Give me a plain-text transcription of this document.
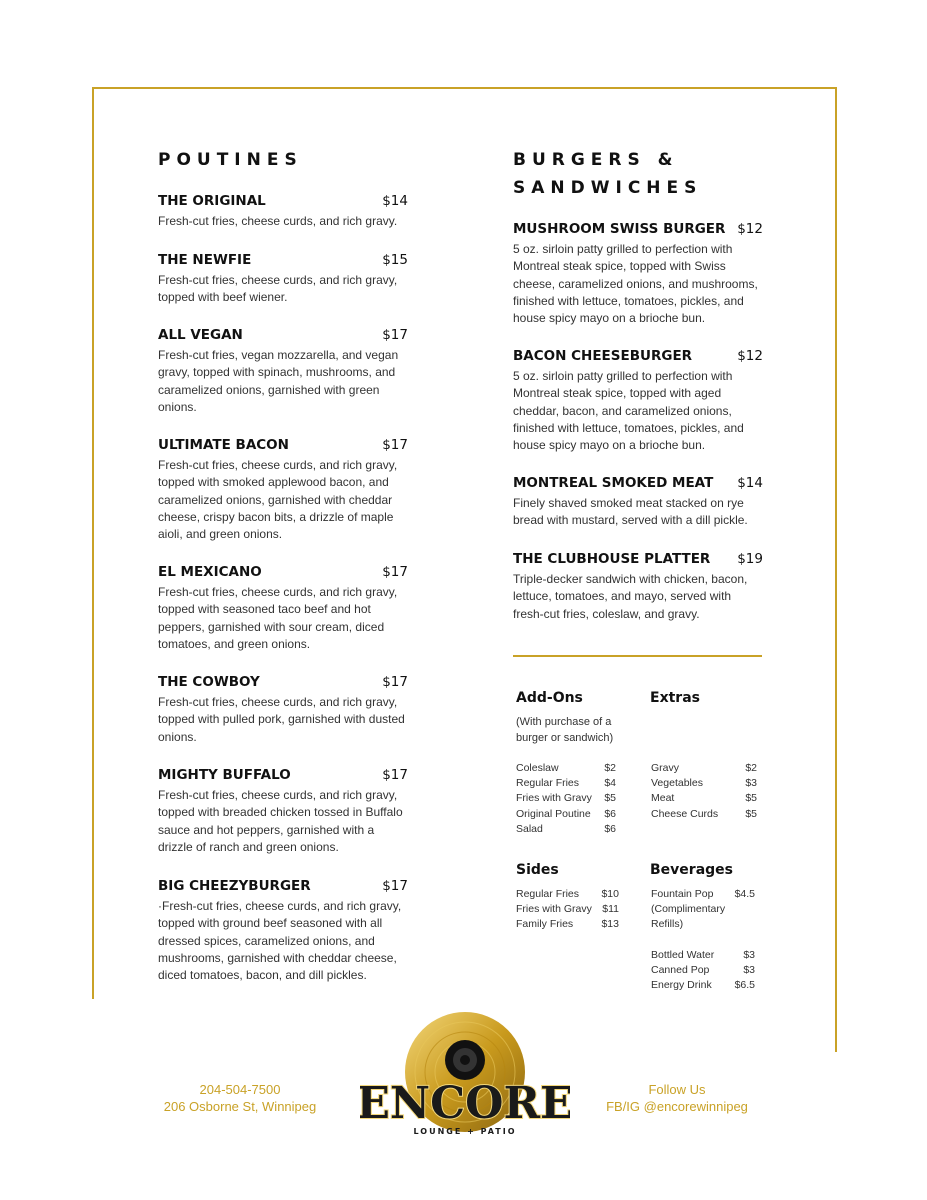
POUTINES
THE ORIGINAL	$14
Fresh-cut fries, cheese curds, and rich gravy.
THE NEWFIE	$15
Fresh-cut fries, cheese curds, and rich gravy, topped with beef wiener.
ALL VEGAN	$17
Fresh-cut fries, vegan mozzarella, and vegan gravy, topped with spinach, mushrooms, and caramelized onions, garnished with green onions.
ULTIMATE BACON	$17
Fresh-cut fries, cheese curds, and rich gravy, topped with smoked applewood bacon, and caramelized onions, garnished with cheddar cheese, crispy bacon bits, a drizzle of maple aioli, and green onions.
EL MEXICANO	$17
Fresh-cut fries, cheese curds, and rich gravy, topped with seasoned taco beef and hot peppers, garnished with sour cream, diced tomatoes, and green onions.
THE COWBOY	$17
Fresh-cut fries, cheese curds, and rich gravy, topped with pulled pork, garnished with dusted onions.
MIGHTY BUFFALO	$17
Fresh-cut fries, cheese curds, and rich gravy, topped with breaded chicken tossed in Buffalo sauce and hot peppers, garnished with a drizzle of ranch and green onions.
BIG CHEEZYBURGER	$17
·Fresh-cut fries, cheese curds, and rich gravy, topped with ground beef seasoned with all dressed spices, caramelized onions, and mushrooms, garnished with cheddar cheese, diced tomatoes, bacon, and dill pickles.
BURGERS &
SANDWICHES
MUSHROOM SWISS BURGER $12
5 oz. sirloin patty grilled to perfection with Montreal steak spice, topped with Swiss cheese, caramelized onions, and mushrooms, finished with lettuce, tomatoes, pickles, and house spicy mayo on a brioche bun.
BACON CHEESEBURGER	$12
5 oz. sirloin patty grilled to perfection with Montreal steak spice, topped with aged cheddar, bacon, and caramelized onions, finished with lettuce, tomatoes, pickles, and house spicy mayo on a brioche bun.
MONTREAL SMOKED MEAT $14
Finely shaved smoked meat stacked on rye bread with mustard, served with a dill pickle.
THE CLUBHOUSE PLATTER $19
Triple-decker sandwich with chicken, bacon, lettuce, tomatoes, and mayo, served with fresh-cut fries, coleslaw, and gravy.
Add-Ons
(With purchase of a burger or sandwich)
Coleslaw	$2
Regular Fries $4
Fries with Gravy $5
Original Poutine $6
Salad	$6
Extras
Gravy	$2
Vegetables	$3
Meat	$5
Cheese Curds	$5
Sides
Regular Fries $10
Fries with Gravy $11
Family Fries	$13
Beverages
Fountain Pop $4.5
(Complimentary Refills)
Bottled Water	$3
Canned Pop	$3
Energy Drink $6.5
204-504-7500
206 Osborne St, Winnipeg
Follow Us
FB/IG @encorewinnipeg
ENCORE
LOUNGE + PATIO
